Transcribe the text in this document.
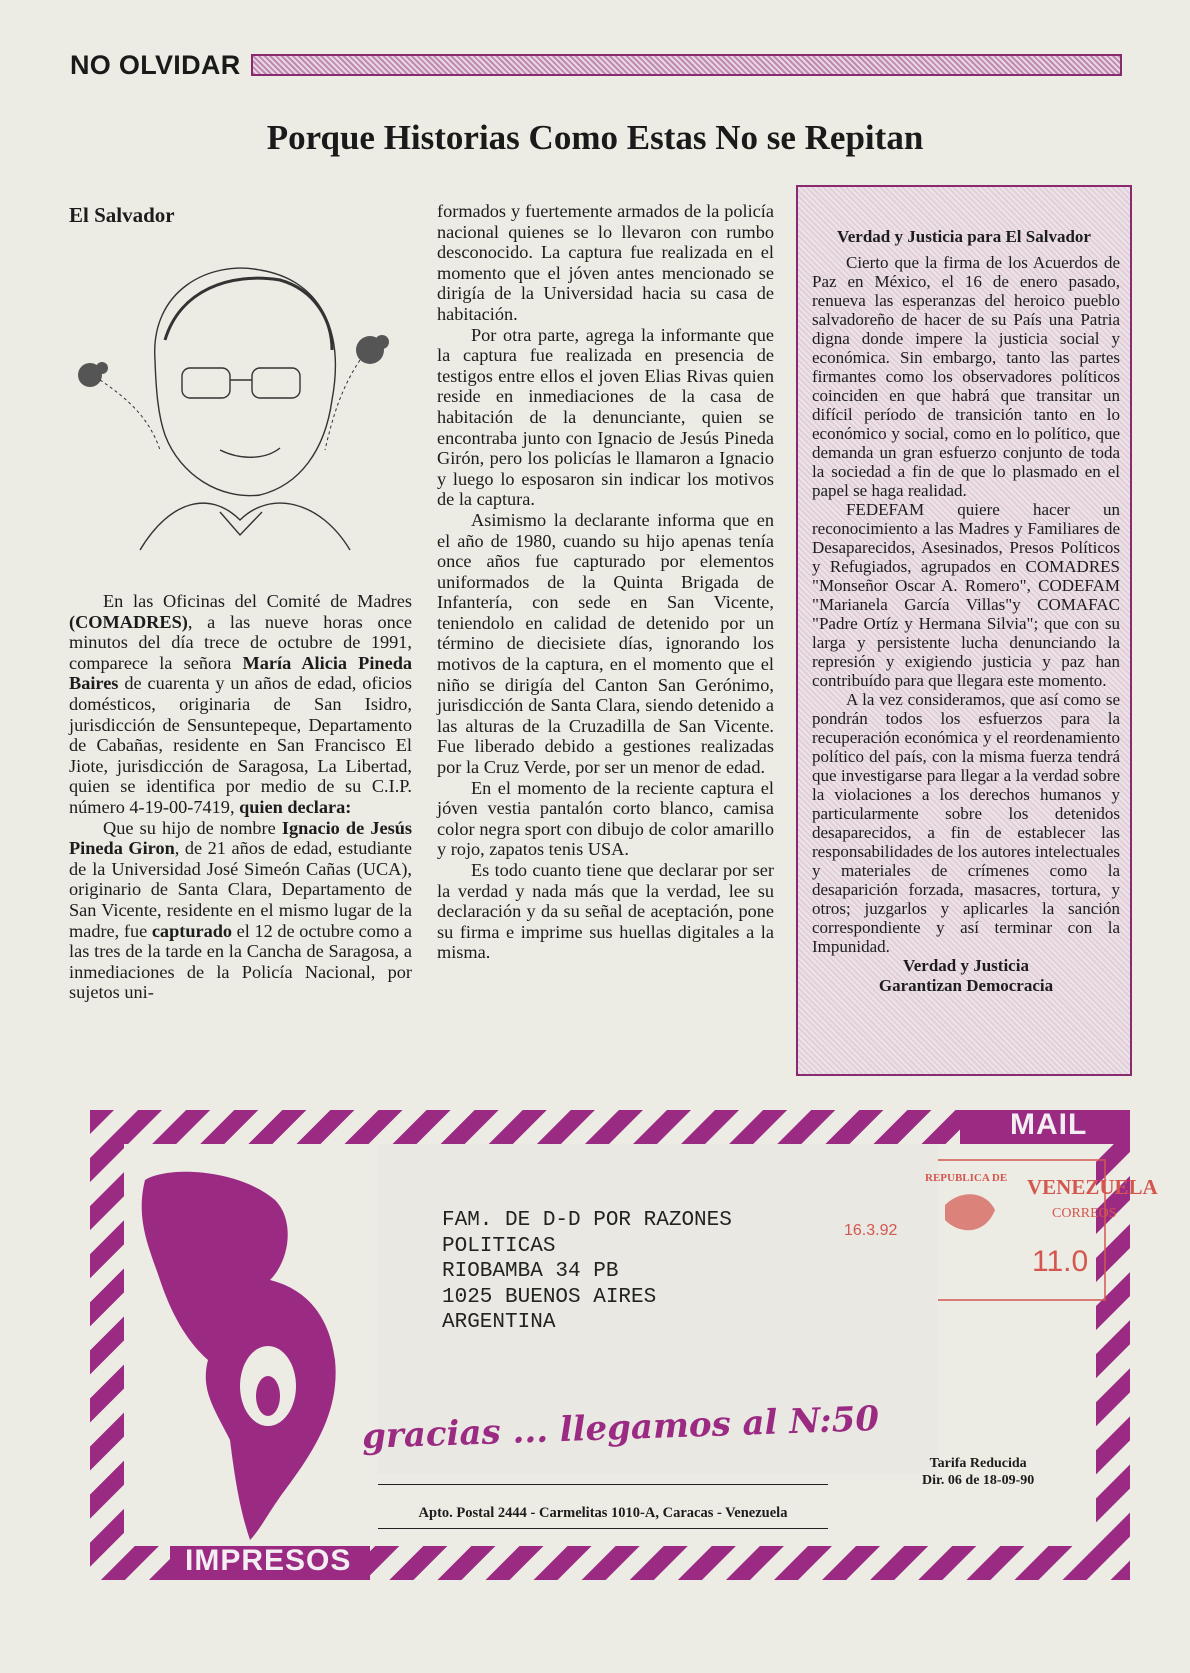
NO OLVIDAR
Porque Historias Como Estas No se Repitan
El Salvador

En las Oficinas del Comité de Madres (COMADRES), a las nueve horas once minutos del día trece de octubre de 1991, comparece la señora María Alicia Pineda Baires de cuarenta y un años de edad, oficios domésticos, originaria de San Isidro, jurisdicción de Sensuntepeque, Departamento de Cabañas, residente en San Francisco El Jiote, jurisdicción de Saragosa, La Libertad, quien se identifica por medio de su C.I.P. número 4-19-00-7419, quien declara:

Que su hijo de nombre Ignacio de Jesús Pineda Giron, de 21 años de edad, estudiante de la Universidad José Simeón Cañas (UCA), originario de Santa Clara, Departamento de San Vicente, residente en el mismo lugar de la madre, fue capturado el 12 de octubre como a las tres de la tarde en la Cancha de Saragosa, a inmediaciones de la Policía Nacional, por sujetos uni-

formados y fuertemente armados de la policía nacional quienes se lo llevaron con rumbo desconocido. La captura fue realizada en el momento que el jóven antes mencionado se dirigía de la Universidad hacia su casa de habitación.

Por otra parte, agrega la informante que la captura fue realizada en presencia de testigos entre ellos el joven Elias Rivas quien reside en inmediaciones de la casa de habitación de la denunciante, quien se encontraba junto con Ignacio de Jesús Pineda Girón, pero los policías le llamaron a Ignacio y luego lo esposaron sin indicar los motivos de la captura.

Asimismo la declarante informa que en el año de 1980, cuando su hijo apenas tenía once años fue capturado por elementos uniformados de la Quinta Brigada de Infantería, con sede en San Vicente, teniendolo en calidad de detenido por un término de diecisiete días, ignorando los motivos de la captura, en el momento que el niño se dirigía del Canton San Gerónimo, jurisdicción de Santa Clara, siendo detenido a las alturas de la Cruzadilla de San Vicente. Fue liberado debido a gestiones realizadas por la Cruz Verde, por ser un menor de edad.

En el momento de la reciente captura el jóven vestia pantalón corto blanco, camisa color negra sport con dibujo de color amarillo y rojo, zapatos tenis USA.

Es todo cuanto tiene que declarar por ser la verdad y nada más que la verdad, lee su declaración y da su señal de aceptación, pone su firma e imprime sus huellas digitales a la misma.

Verdad y Justicia para El Salvador

Cierto que la firma de los Acuerdos de Paz en México, el 16 de enero pasado, renueva las esperanzas del heroico pueblo salvadoreño de hacer de su País una Patria digna donde impere la justicia social y económica. Sin embargo, tanto las partes firmantes como los observadores políticos coinciden en que habrá que transitar un difícil período de transición tanto en lo económico y social, como en lo político, que demanda un gran esfuerzo conjunto de toda la sociedad a fin de que lo plasmado en el papel se haga realidad.

FEDEFAM quiere hacer un reconocimiento a las Madres y Familiares de Desaparecidos, Asesinados, Presos Políticos y Refugiados, agrupados en COMADRES "Monseñor Oscar A. Romero", CODEFAM "Marianela García Villas"y COMAFAC "Padre Ortíz y Hermana Silvia"; que con su larga y persistente lucha denunciando la represión y exigiendo justicia y paz han contribuído para que llegara este momento.

A la vez consideramos, que así como se pondrán todos los esfuerzos para la recuperación económica y el reordenamiento político del país, con la misma fuerza tendrá que investigarse para llegar a la verdad sobre la violaciones a los derechos humanos y particularmente sobre los detenidos desaparecidos, a fin de establecer las responsabilidades de los autores intelectuales y materiales de crímenes como la desaparición forzada, masacres, tortura, y otros; juzgarlos y aplicarles la sanción correspondiente y así terminar con la Impunidad.

Verdad y Justicia
Garantizan Democracia
MAIL
IMPRESOS
FAM. DE D-D POR RAZONES
POLITICAS
RIOBAMBA 34 PB
1025 BUENOS AIRES
ARGENTINA
16.3.92
REPUBLICA DE VENEZUELA
CORREOS
11.0
gracias ... llegamos al N:50
Tarifa Reducida
Dir. 06 de 18-09-90
Apto. Postal 2444 - Carmelitas 1010-A, Caracas - Venezuela
